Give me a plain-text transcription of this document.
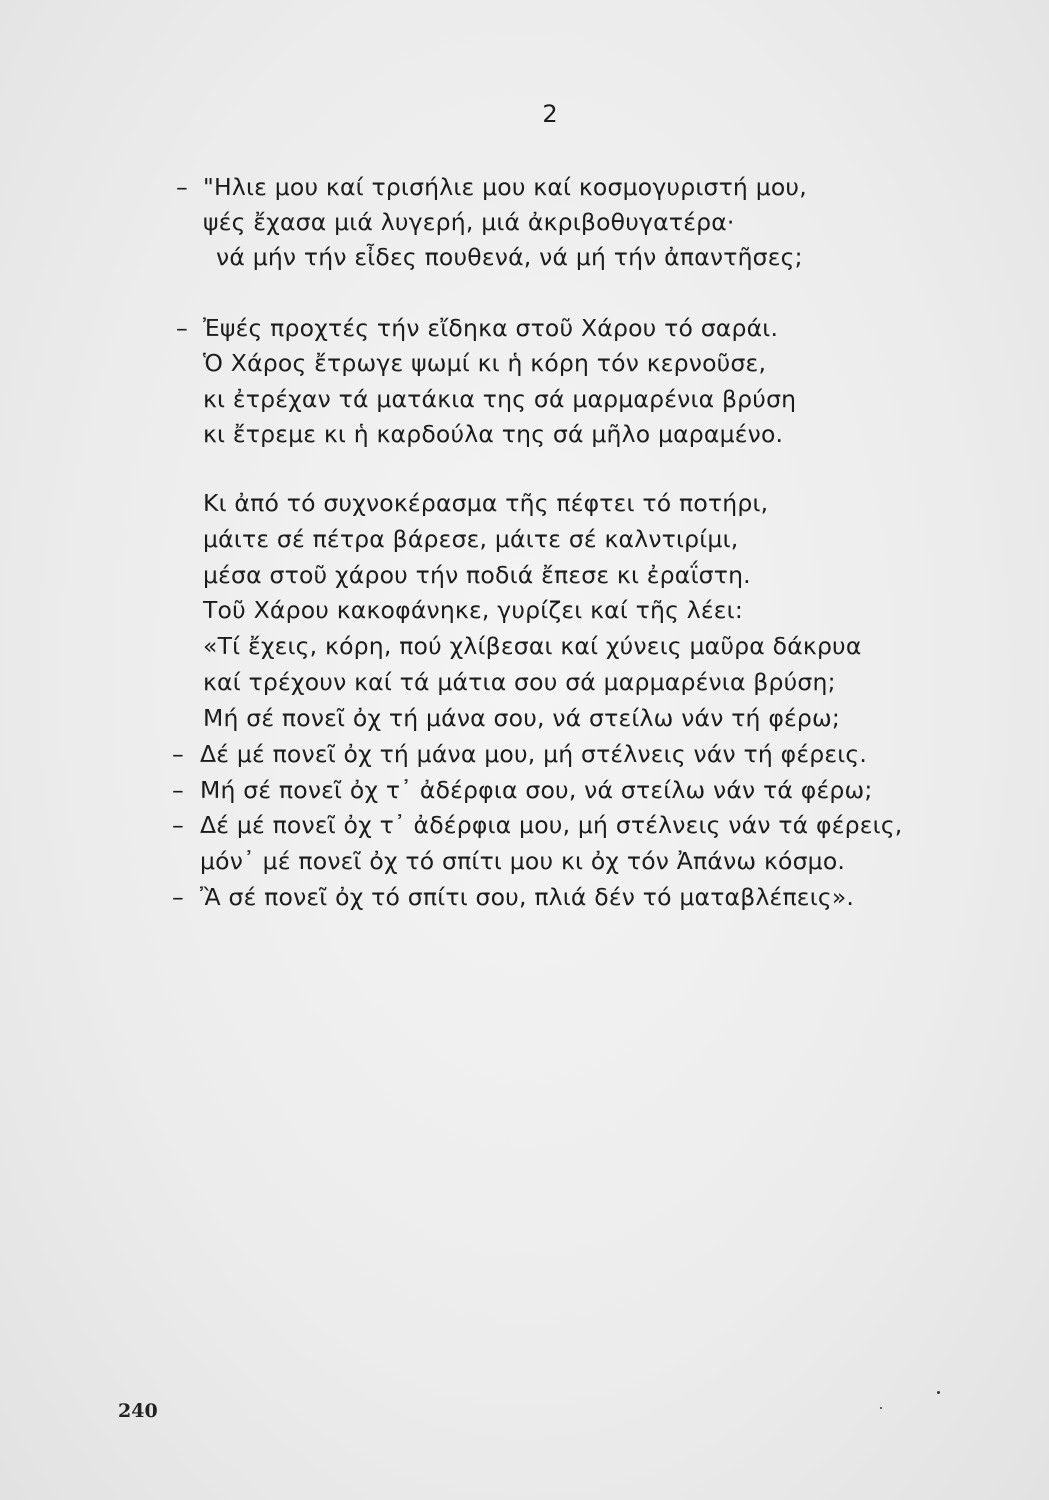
2
– "Ηλιε μου καί τρισήλιε μου καί κοσμογυριστή μου,
ψές ἔχασα μιά λυγερή, μιά ἀκριβοθυγατέρα·
νά μήν τήν εἶδες πουθενά, νά μή τήν ἀπαντῆσες;
– Ἐψές προχτές τήν εἴδηκα στοῦ Χάρου τό σαράι.
Ὁ Χάρος ἔτρωγε ψωμί κι ἡ κόρη τόν κερνοῦσε,
κι ἐτρέχαν τά ματάκια της σά μαρμαρένια βρύση
κι ἔτρεμε κι ἡ καρδούλα της σά μῆλο μαραμένο.
Κι ἀπό τό συχνοκέρασμα τῆς πέφτει τό ποτήρι,
μάιτε σέ πέτρα βάρεσε, μάιτε σέ καλντιρίμι,
μέσα στοῦ χάρου τήν ποδιά ἔπεσε κι ἐραΐστη.
Τοῦ Χάρου κακοφάνηκε, γυρίζει καί τῆς λέει:
«Τί ἔχεις, κόρη, πού χλίβεσαι καί χύνεις μαῦρα δάκρυα
καί τρέχουν καί τά μάτια σου σά μαρμαρένια βρύση;
Μή σέ πονεῖ ὀχ τή μάνα σου, νά στείλω νάν τή φέρω;
– Δέ μέ πονεῖ ὀχ τή μάνα μου, μή στέλνεις νάν τή φέρεις.
– Μή σέ πονεῖ ὀχ τ᾿ ἀδέρφια σου, νά στείλω νάν τά φέρω;
– Δέ μέ πονεῖ ὀχ τ᾿ ἀδέρφια μου, μή στέλνεις νάν τά φέρεις,
μόν᾿ μέ πονεῖ ὀχ τό σπίτι μου κι ὀχ τόν Ἀπάνω κόσμο.
– Ἂ σέ πονεῖ ὀχ τό σπίτι σου, πλιά δέν τό ματαβλέπεις».
240
